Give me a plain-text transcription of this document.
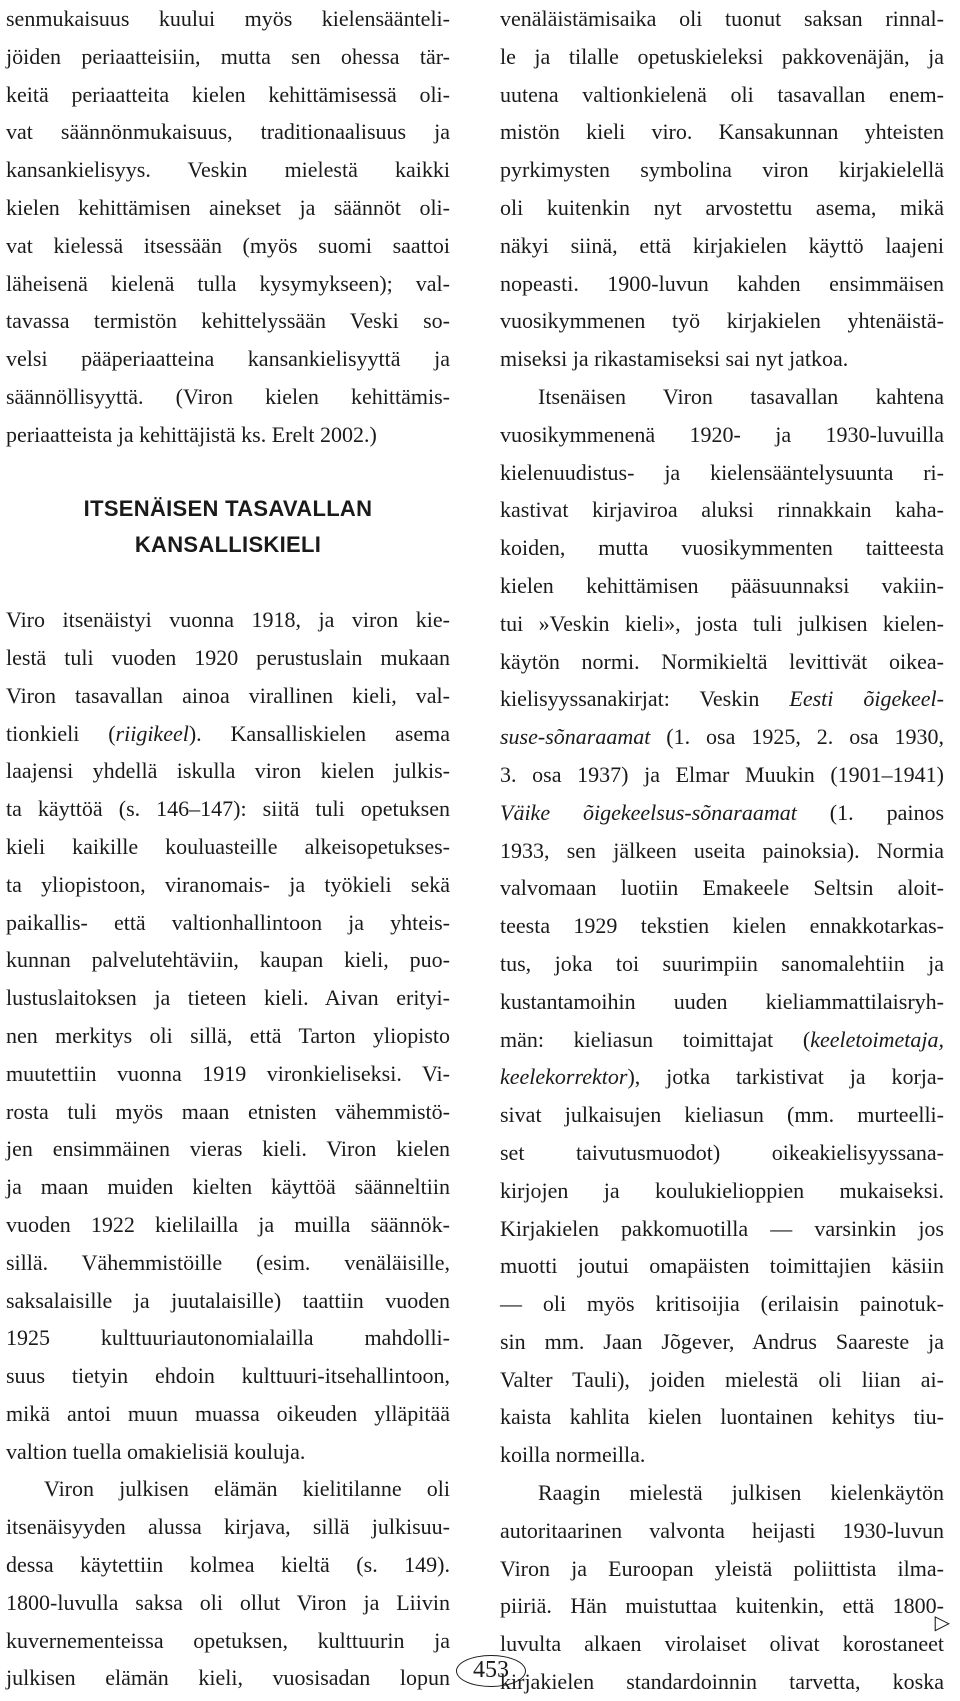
senmukaisuus kuului myös kielensäänteli-
jöiden periaatteisiin, mutta sen ohessa tär-
keitä periaatteita kielen kehittämisessä oli-
vat säännönmukaisuus, traditionaalisuus ja
kansankielisyys. Veskin mielestä kaikki
kielen kehittämisen ainekset ja säännöt oli-
vat kielessä itsessään (myös suomi saattoi
läheisenä kielenä tulla kysymykseen); val-
tavassa termistön kehittelyssään Veski so-
velsi pääperiaatteina kansankielisyyttä ja
säännöllisyyttä. (Viron kielen kehittämis-
periaatteista ja kehittäjistä ks. Erelt 2002.)
ITSENÄISEN TASAVALLAN
KANSALLISKIELI
Viro itsenäistyi vuonna 1918, ja viron kie-
lestä tuli vuoden 1920 perustuslain mukaan
Viron tasavallan ainoa virallinen kieli, val-
tionkieli (riigikeel). Kansalliskielen asema
laajensi yhdellä iskulla viron kielen julkis-
ta käyttöä (s. 146–147): siitä tuli opetuksen
kieli kaikille kouluasteille alkeisopetukses-
ta yliopistoon, viranomais- ja työkieli sekä
paikallis- että valtionhallintoon ja yhteis-
kunnan palvelutehtäviin, kaupan kieli, puo-
lustuslaitoksen ja tieteen kieli. Aivan erityi-
nen merkitys oli sillä, että Tarton yliopisto
muutettiin vuonna 1919 vironkieliseksi. Vi-
rosta tuli myös maan etnisten vähemmistö-
jen ensimmäinen vieras kieli. Viron kielen
ja maan muiden kielten käyttöä säänneltiin
vuoden 1922 kielilailla ja muilla säännök-
sillä. Vähemmistöille (esim. venäläisille,
saksalaisille ja juutalaisille) taattiin vuoden
1925 kulttuuriautonomialailla mahdolli-
suus tietyin ehdoin kulttuuri-itsehallintoon,
mikä antoi muun muassa oikeuden ylläpitää
valtion tuella omakielisiä kouluja.
Viron julkisen elämän kielitilanne oli
itsenäisyyden alussa kirjava, sillä julkisuu-
dessa käytettiin kolmea kieltä (s. 149).
1800-luvulla saksa oli ollut Viron ja Liivin
kuvernementeissa opetuksen, kulttuurin ja
julkisen elämän kieli, vuosisadan lopun
venäläistämisaika oli tuonut saksan rinnal-
le ja tilalle opetuskieleksi pakkovenäjän, ja
uutena valtionkielenä oli tasavallan enem-
mistön kieli viro. Kansakunnan yhteisten
pyrkimysten symbolina viron kirjakielellä
oli kuitenkin nyt arvostettu asema, mikä
näkyi siinä, että kirjakielen käyttö laajeni
nopeasti. 1900-luvun kahden ensimmäisen
vuosikymmenen työ kirjakielen yhtenäistä-
miseksi ja rikastamiseksi sai nyt jatkoa.
Itsenäisen Viron tasavallan kahtena
vuosikymmenenä 1920- ja 1930-luvuilla
kielenuudistus- ja kielensääntelysuunta ri-
kastivat kirjaviroa aluksi rinnakkain kaha-
koiden, mutta vuosikymmenten taitteesta
kielen kehittämisen pääsuunnaksi vakiin-
tui »Veskin kieli», josta tuli julkisen kielen-
käytön normi. Normikieltä levittivät oikea-
kielisyyssanakirjat: Veskin Eesti õigekeel-
suse-sõnaraamat (1. osa 1925, 2. osa 1930,
3. osa 1937) ja Elmar Muukin (1901–1941)
Väike õigekeelsus-sõnaraamat (1. painos
1933, sen jälkeen useita painoksia). Normia
valvomaan luotiin Emakeele Seltsin aloit-
teesta 1929 tekstien kielen ennakkotarkas-
tus, joka toi suurimpiin sanomalehtiin ja
kustantamoihin uuden kieliammattilaisryh-
män: kieliasun toimittajat (keeletoimetaja,
keelekorrektor), jotka tarkistivat ja korja-
sivat julkaisujen kieliasun (mm. murteelli-
set taivutusmuodot) oikeakielisyyssana-
kirjojen ja koulukielioppien mukaiseksi.
Kirjakielen pakkomuotilla — varsinkin jos
muotti joutui omapäisten toimittajien käsiin
— oli myös kritisoijia (erilaisin painotuk-
sin mm. Jaan Jõgever, Andrus Saareste ja
Valter Tauli), joiden mielestä oli liian ai-
kaista kahlita kielen luontainen kehitys tiu-
koilla normeilla.
Raagin mielestä julkisen kielenkäytön
autoritaarinen valvonta heijasti 1930-luvun
Viron ja Euroopan yleistä poliittista ilma-
piiriä. Hän muistuttaa kuitenkin, että 1800-
luvulta alkaen virolaiset olivat korostaneet
kirjakielen standardoinnin tarvetta, koska
▷
453
